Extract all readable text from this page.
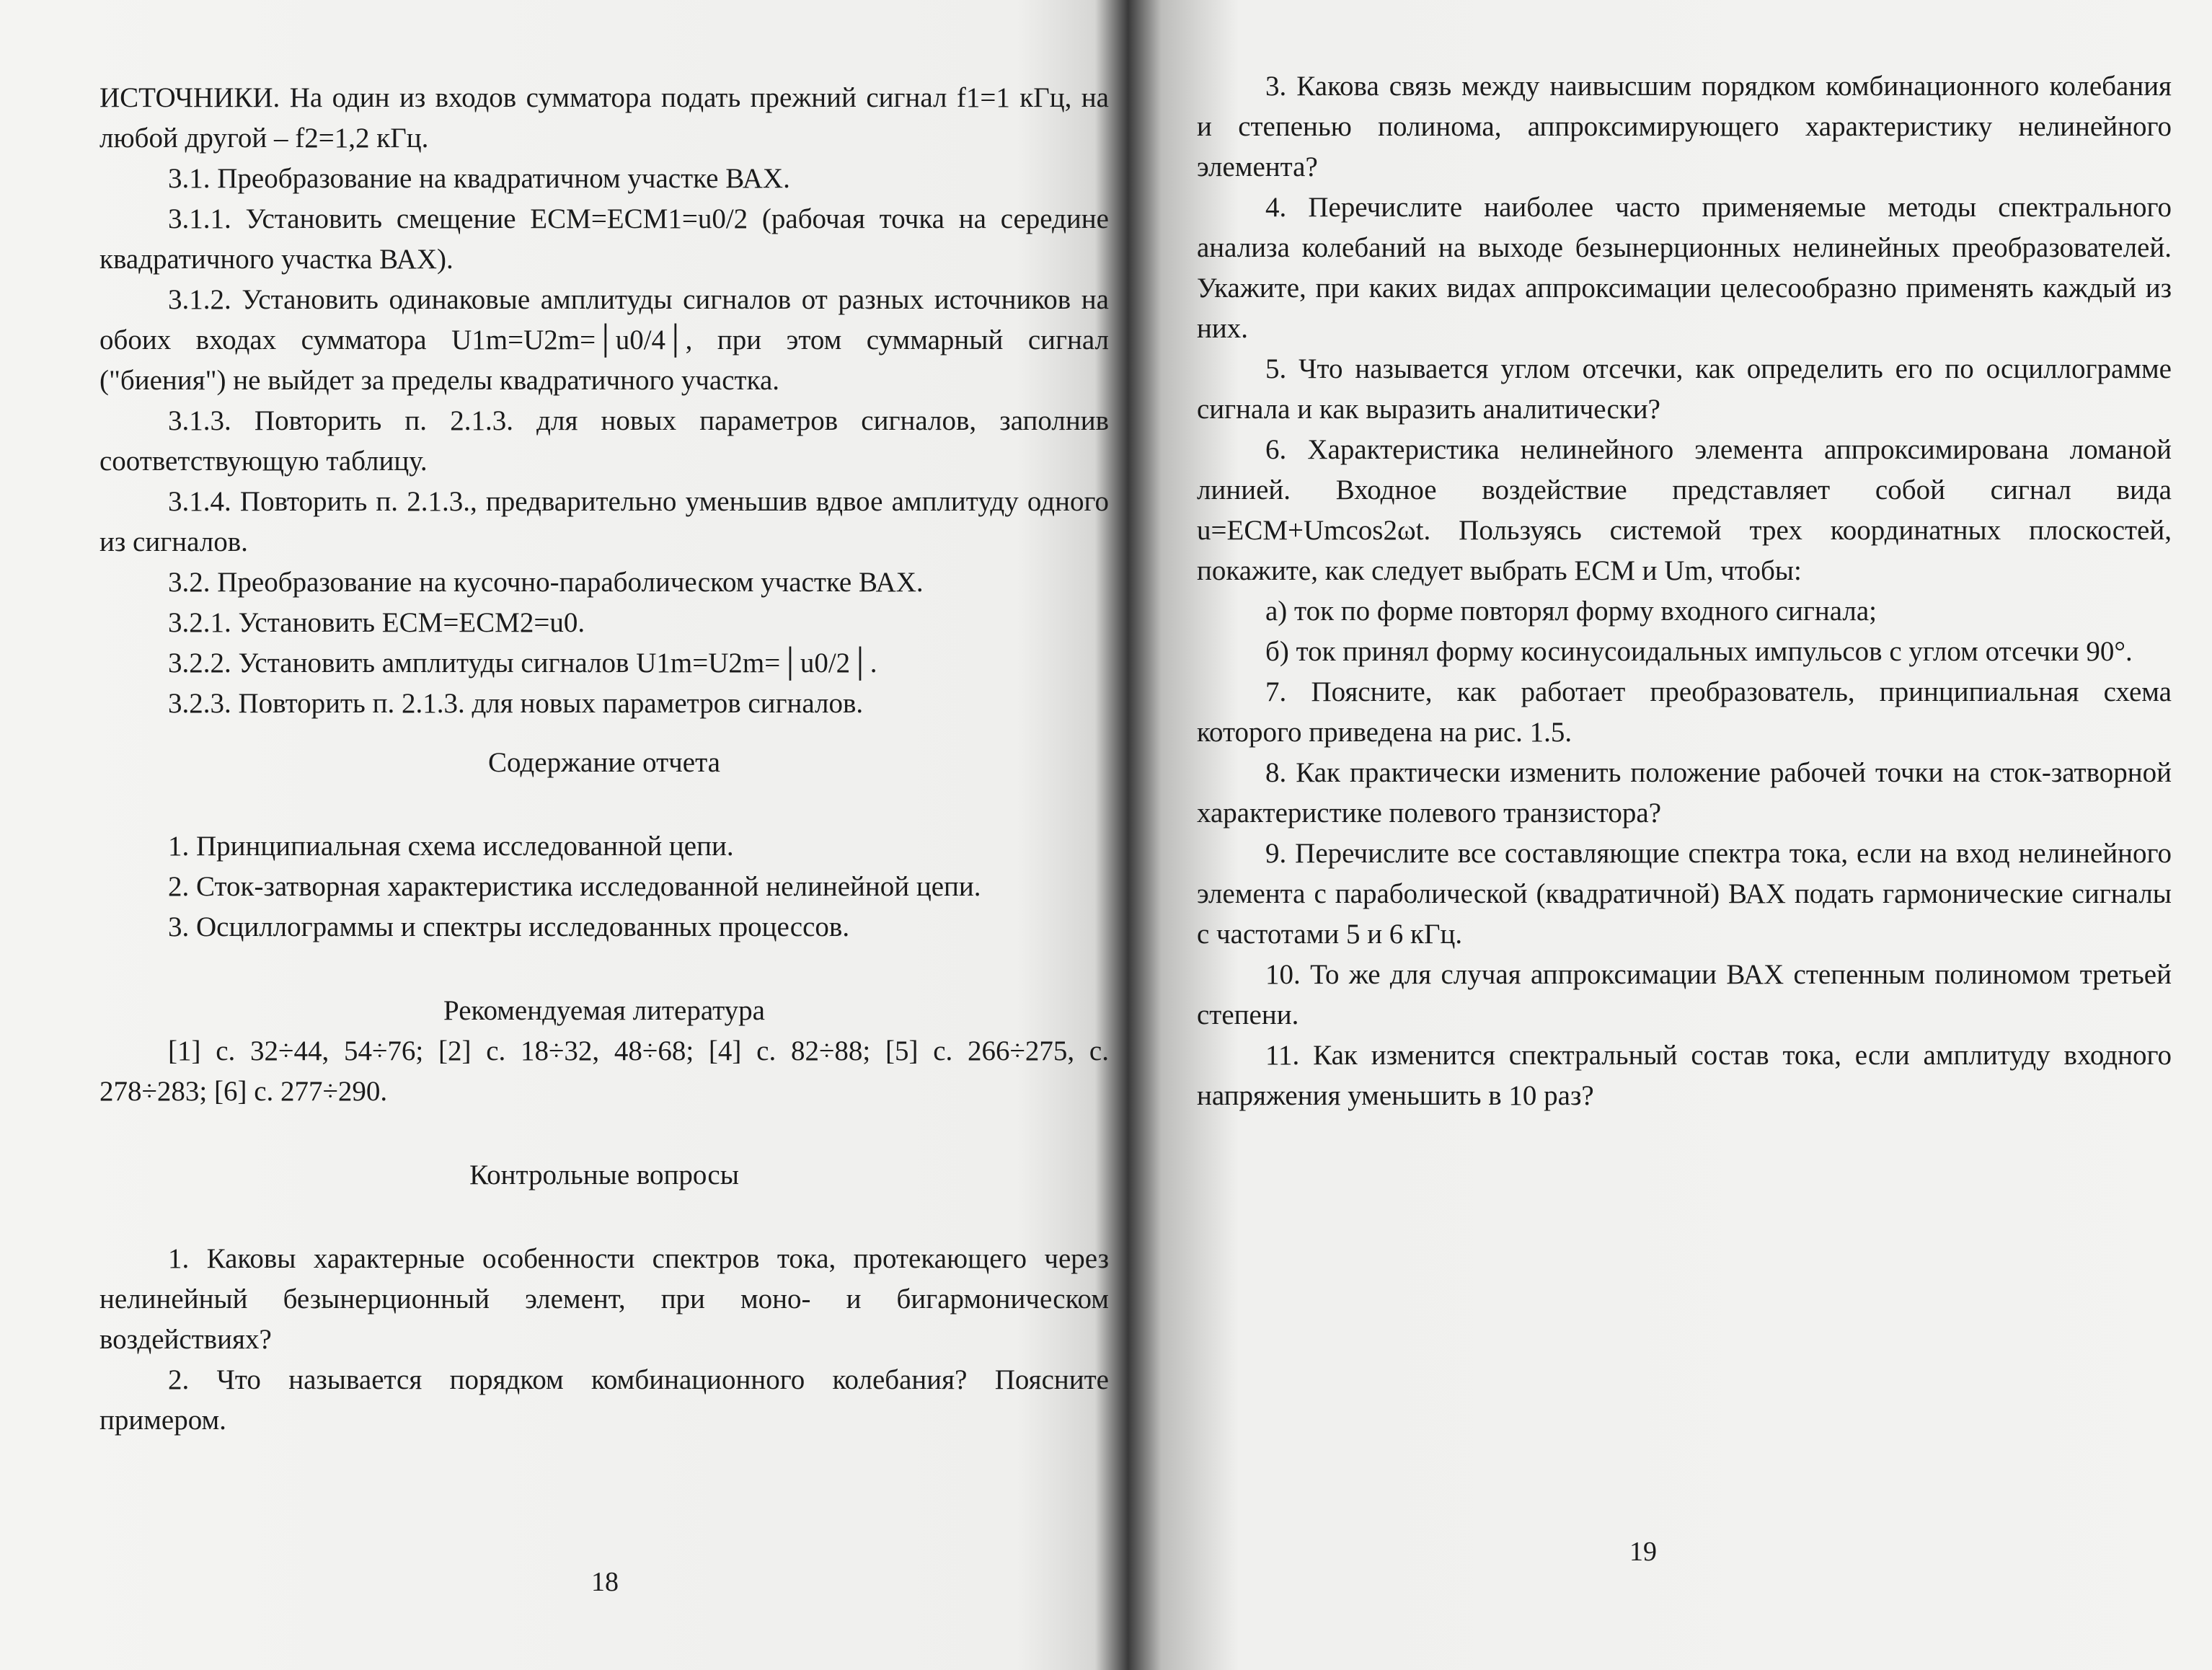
ИСТОЧНИКИ. На один из входов сумматора подать прежний сигнал f1=1 кГц, на любой другой – f2=1,2 кГц.

3.1. Преобразование на квадратичном участке ВАХ.

3.1.1. Установить смещение EСМ=EСМ1=u0/2 (рабочая точка на середине квадратичного участка ВАХ).

3.1.2. Установить одинаковые амплитуды сигналов от разных источников на обоих входах сумматора U1m=U2m=│u0/4│, при этом суммарный сигнал ("биения") не выйдет за пределы квадратичного участка.

3.1.3. Повторить п. 2.1.3. для новых параметров сигналов, заполнив соответствующую таблицу.

3.1.4. Повторить п. 2.1.3., предварительно уменьшив вдвое амплитуду одного из сигналов.

3.2. Преобразование на кусочно-параболическом участке ВАХ.

3.2.1. Установить EСМ=EСМ2=u0.

3.2.2. Установить амплитуды сигналов U1m=U2m=│u0/2│.

3.2.3. Повторить п. 2.1.3. для новых параметров сигналов.

Содержание отчета

1. Принципиальная схема исследованной цепи.

2. Сток-затворная характеристика исследованной нелинейной цепи.

3. Осциллограммы и спектры исследованных процессов.

Рекомендуемая литература

[1] с. 32÷44, 54÷76; [2] с. 18÷32, 48÷68; [4] с. 82÷88; [5] с. 266÷275, с. 278÷283; [6] с. 277÷290.

Контрольные вопросы

1. Каковы характерные особенности спектров тока, протекающего через нелинейный безынерционный элемент, при моно- и бигармоническом воздействиях?

2. Что называется порядком комбинационного колебания? Поясните примером.

18

3. Какова связь между наивысшим порядком комбинационного колебания и степенью полинома, аппроксимирующего характеристику нелинейного элемента?

4. Перечислите наиболее часто применяемые методы спектрального анализа колебаний на выходе безынерционных нелинейных преобразователей. Укажите, при каких видах аппроксимации целесообразно применять каждый из них.

5. Что называется углом отсечки, как определить его по осциллограмме сигнала и как выразить аналитически?

6. Характеристика нелинейного элемента аппроксимирована ломаной линией. Входное воздействие представляет собой сигнал вида u=EСМ+Umcos2ωt. Пользуясь системой трех координатных плоскостей, покажите, как следует выбрать EСМ и Um, чтобы:

а) ток по форме повторял форму входного сигнала;

б) ток принял форму косинусоидальных импульсов с углом отсечки 90°.

7. Поясните, как работает преобразователь, принципиальная схема которого приведена на рис. 1.5.

8. Как практически изменить положение рабочей точки на сток-затворной характеристике полевого транзистора?

9. Перечислите все составляющие спектра тока, если на вход нелинейного элемента с параболической (квадратичной) ВАХ подать гармонические сигналы с частотами 5 и 6 кГц.

10. То же для случая аппроксимации ВАХ степенным полиномом третьей степени.

11. Как изменится спектральный состав тока, если амплитуду входного напряжения уменьшить в 10 раз?

19
